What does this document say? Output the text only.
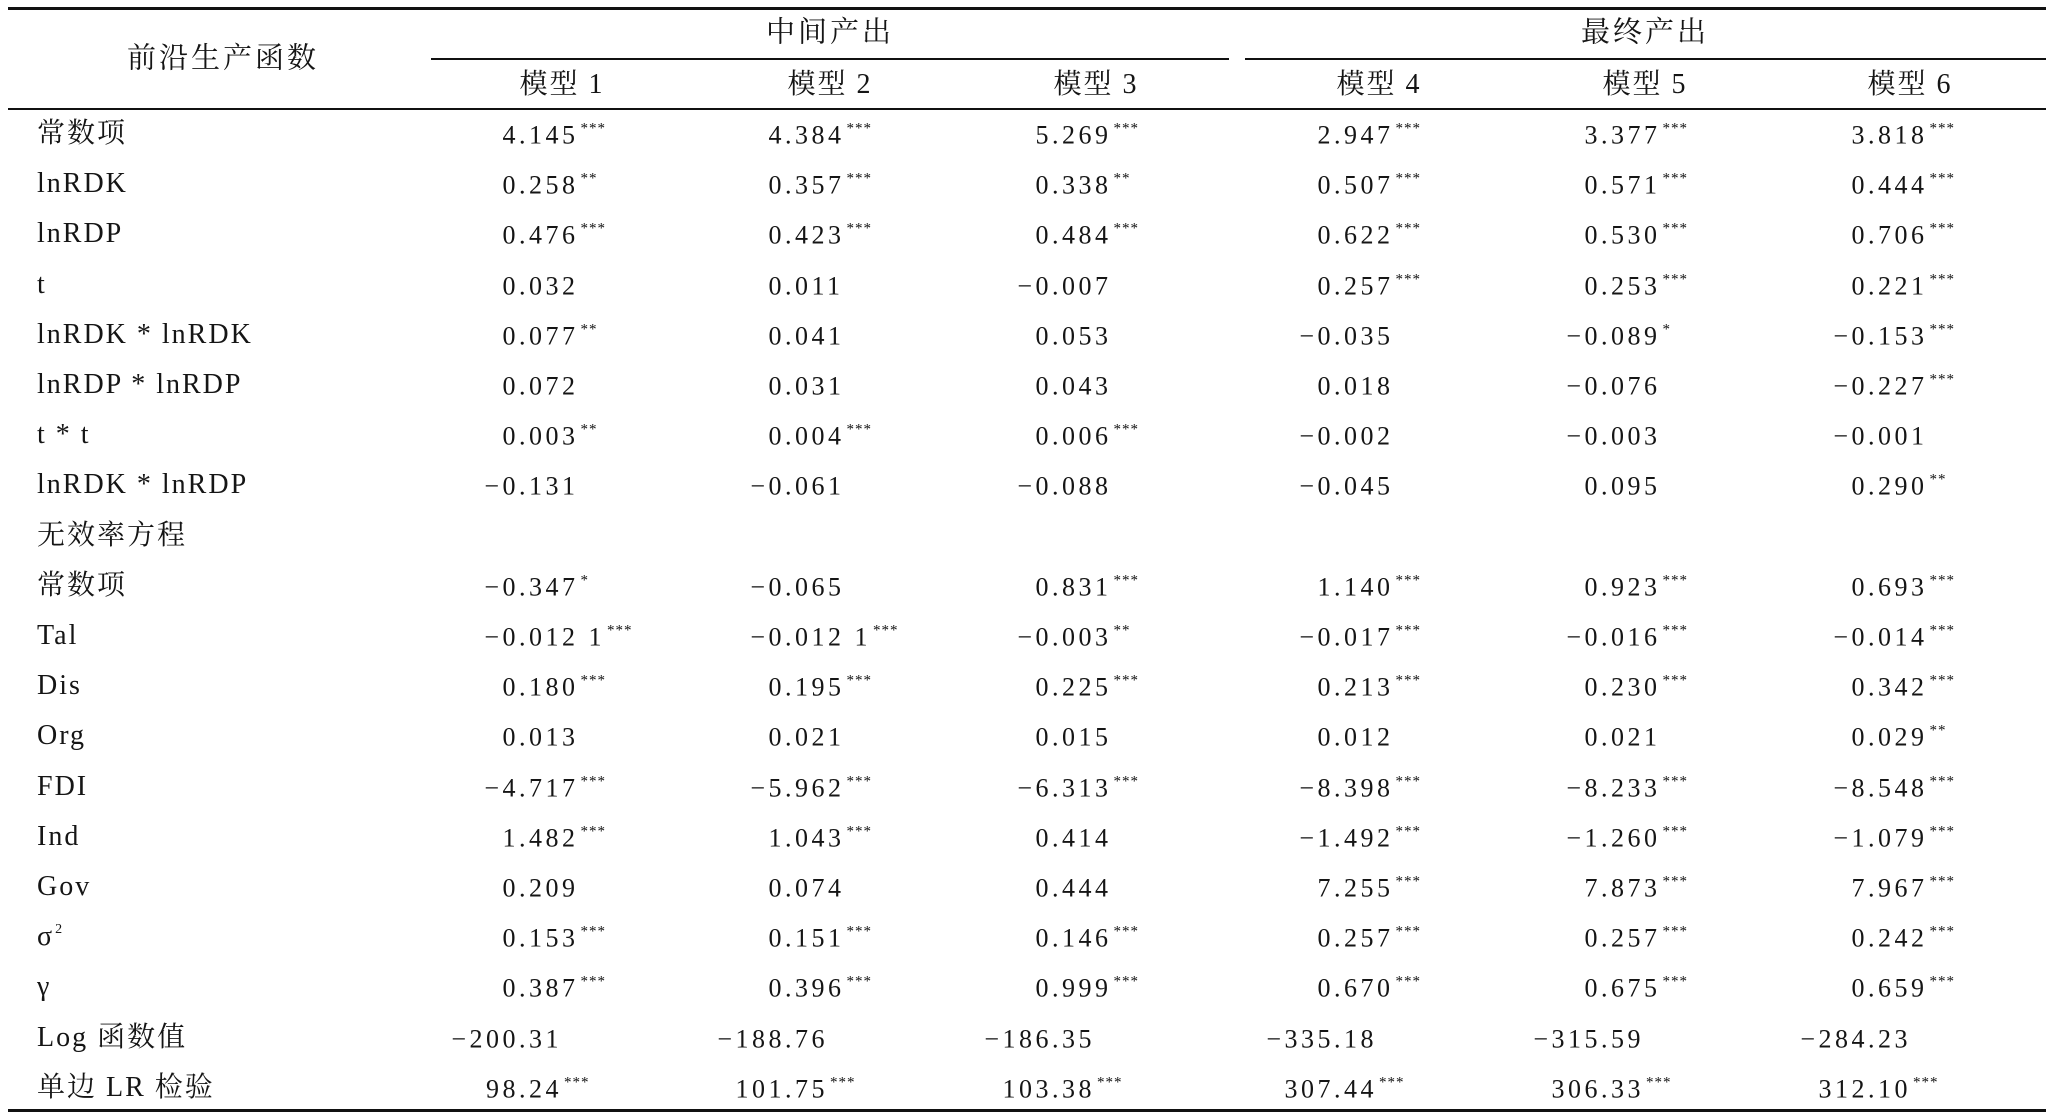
前沿生产函数
中间产出	最终产出
模型 1	模型 2	模型 3	模型 4	模型 5	模型 6
常数项	4.145 ***	4.384 ***	5.269 ***	2.947 ***	3.377 ***	3.818 ***
lnRDK	0.258 **	0.357 ***	0.338 **	0.507 ***	0.571 ***	0.444 ***
lnRDP	0.476 ***	0.423 ***	0.484 ***	0.622 ***	0.530 ***	0.706 ***
t	0.032	0.011	−0.007	0.257 ***	0.253 ***	0.221 ***
lnRDK * lnRDK	0.077 **	0.041	0.053	−0.035	−0.089 *	−0.153 ***
lnRDP * lnRDP	0.072	0.031	0.043	0.018	−0.076	−0.227 ***
t * t	0.003 **	0.004 ***	0.006 ***	−0.002	−0.003	−0.001
lnRDK * lnRDP	−0.131	−0.061	−0.088	−0.045	0.095	0.290 **
无效率方程
常数项	−0.347 *	−0.065	0.831 ***	1.140 ***	0.923 ***	0.693 ***
Tal	−0.012 1 ***	−0.012 1 ***	−0.003 **	−0.017 ***	−0.016 ***	−0.014 ***
Dis	0.180 ***	0.195 ***	0.225 ***	0.213 ***	0.230 ***	0.342 ***
Org	0.013	0.021	0.015	0.012	0.021	0.029 **
FDI	−4.717 ***	−5.962 ***	−6.313 ***	−8.398 ***	−8.233 ***	−8.548 ***
Ind	1.482 ***	1.043 ***	0.414	−1.492 ***	−1.260 ***	−1.079 ***
Gov	0.209	0.074	0.444	7.255 ***	7.873 ***	7.967 ***
$\sigma^2$	0.153 ***	0.151 ***	0.146 ***	0.257 ***	0.257 ***	0.242 ***
γ	0.387 ***	0.396 ***	0.999 ***	0.670 ***	0.675 ***	0.659 ***
Log 函数值	−200.31	−188.76	−186.35	−335.18	−315.59	−284.23
单边 LR 检验	98.24 ***	101.75 ***	103.38 ***	307.44 ***	306.33 ***	312.10 ***
